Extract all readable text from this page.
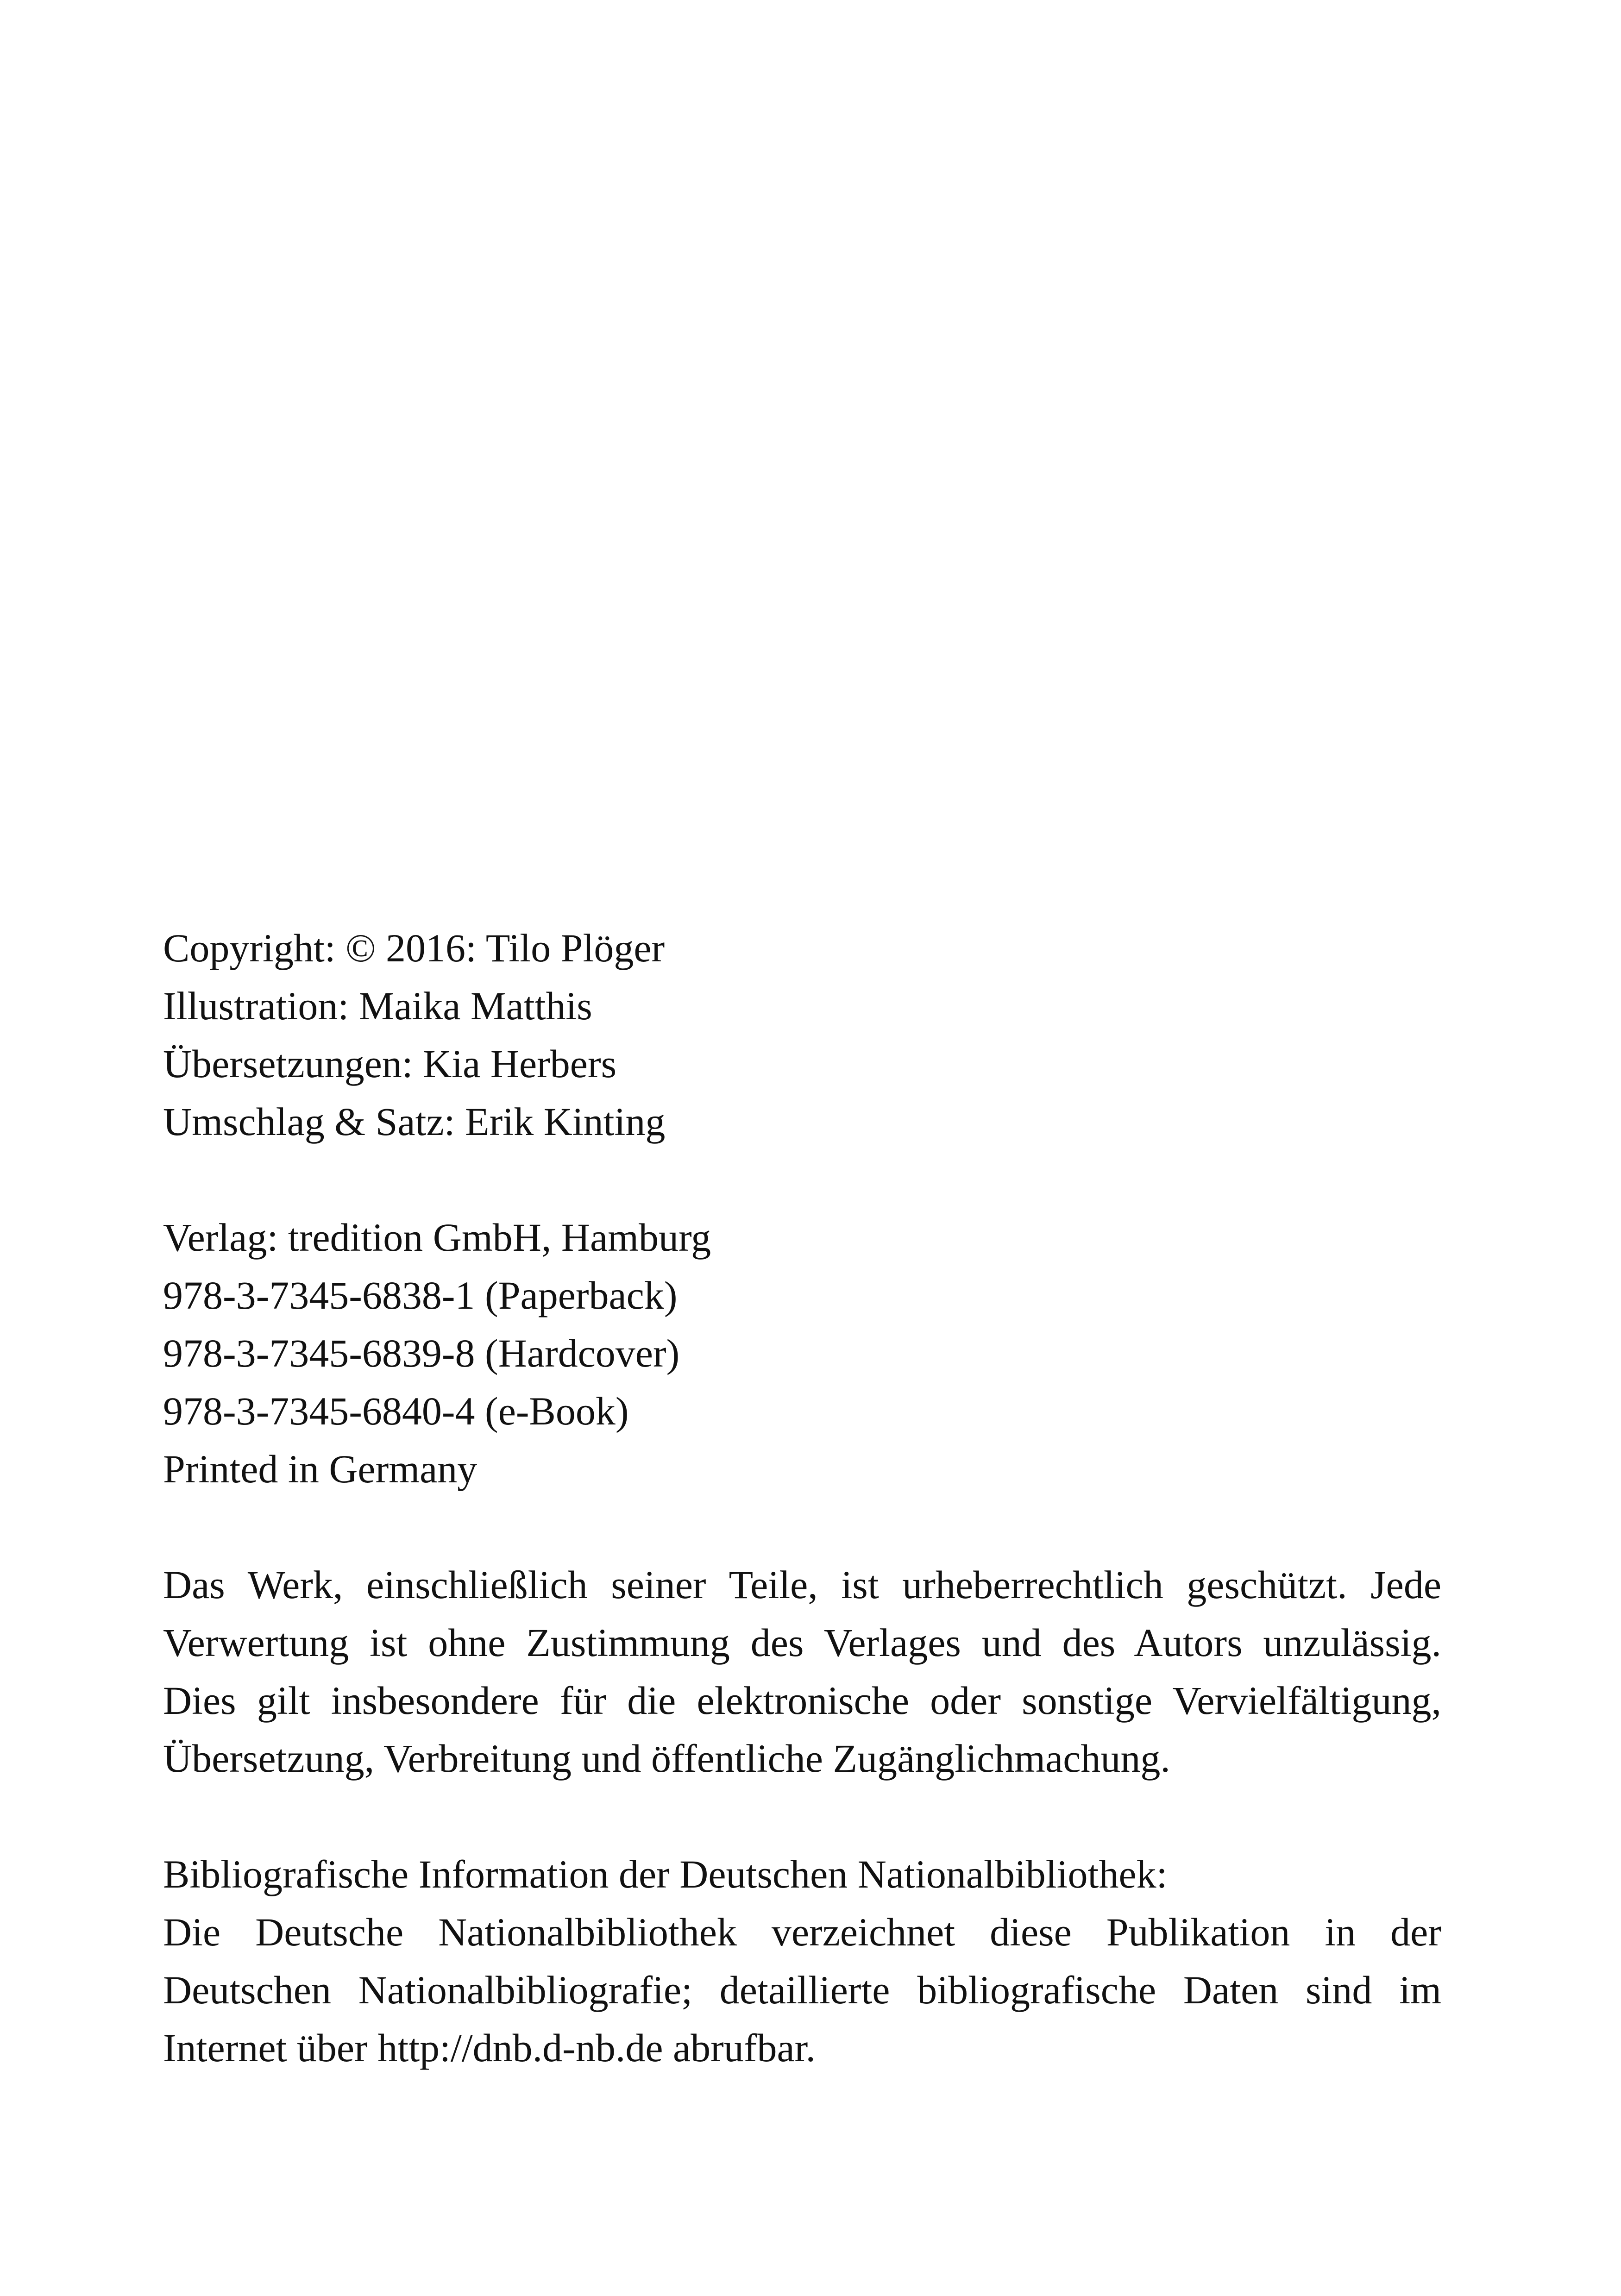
Copyright: © 2016: Tilo Plöger
Illustration: Maika Matthis
Übersetzungen: Kia Herbers
Umschlag & Satz: Erik Kinting
Verlag: tredition GmbH, Hamburg
978-3-7345-6838-1 (Paperback)
978-3-7345-6839-8 (Hardcover)
978-3-7345-6840-4 (e-Book)
Printed in Germany
Das Werk, einschließlich seiner Teile, ist urheberrechtlich geschützt. Jede
Verwertung ist ohne Zustimmung des Verlages und des Autors unzulässig.
Dies gilt insbesondere für die elektronische oder sonstige Vervielfältigung,
Übersetzung, Verbreitung und öffentliche Zugänglichmachung.
Bibliografische Information der Deutschen Nationalbibliothek:
Die Deutsche Nationalbibliothek verzeichnet diese Publikation in der
Deutschen Nationalbibliografie; detaillierte bibliografische Daten sind im
Internet über http://dnb.d-nb.de abrufbar.
